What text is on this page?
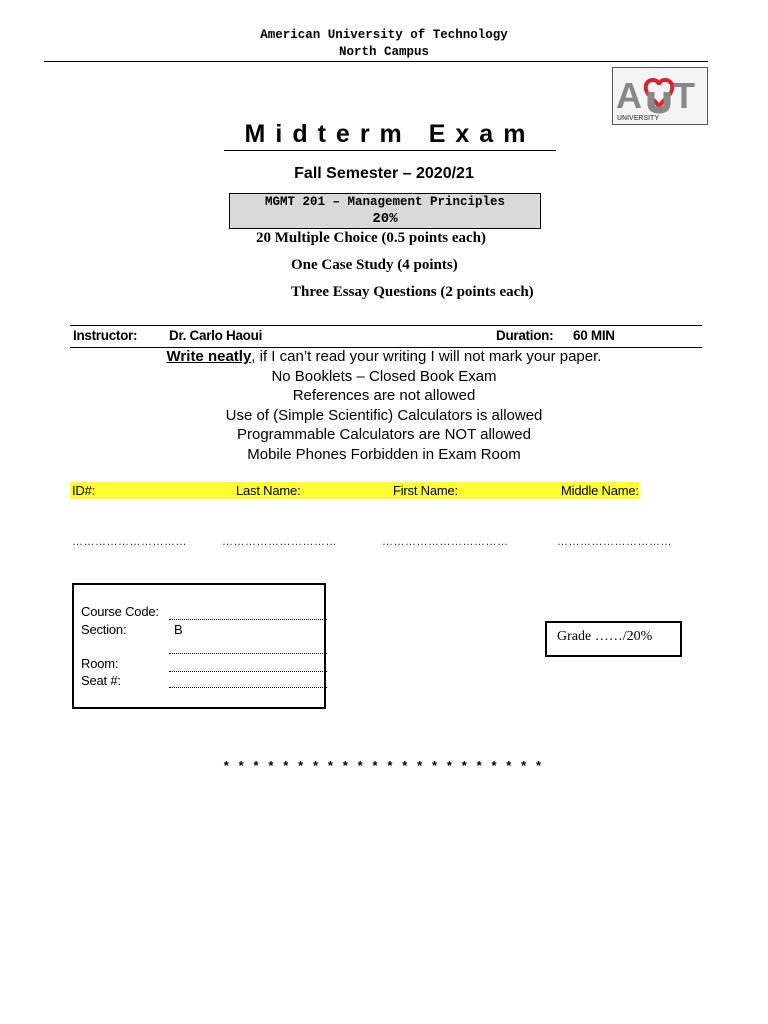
American University of Technology
North Campus
A T
UNIVERSITY
Midterm Exam
Fall Semester – 2020/21
MGMT 201 – Management Principles
20%
20 Multiple Choice (0.5 points each)
One Case Study (4 points)
Three Essay Questions (2 points each)
Instructor: Dr. Carlo Haoui	Duration: 60 MIN
Write neatly, if I can’t read your writing I will not mark your paper.
No Booklets – Closed Book Exam
References are not allowed
Use of (Simple Scientific) Calculators is allowed
Programmable Calculators are NOT allowed
Mobile Phones Forbidden in Exam Room
ID#:	Last Name:	First Name:	Middle Name:
…………………………	…………………………	……………………………	…………………………
Course Code:
Section:	B
Room:
Seat #:
Grade ……/20%
* * * * * * * * * * * * * * * * * * * * * *
